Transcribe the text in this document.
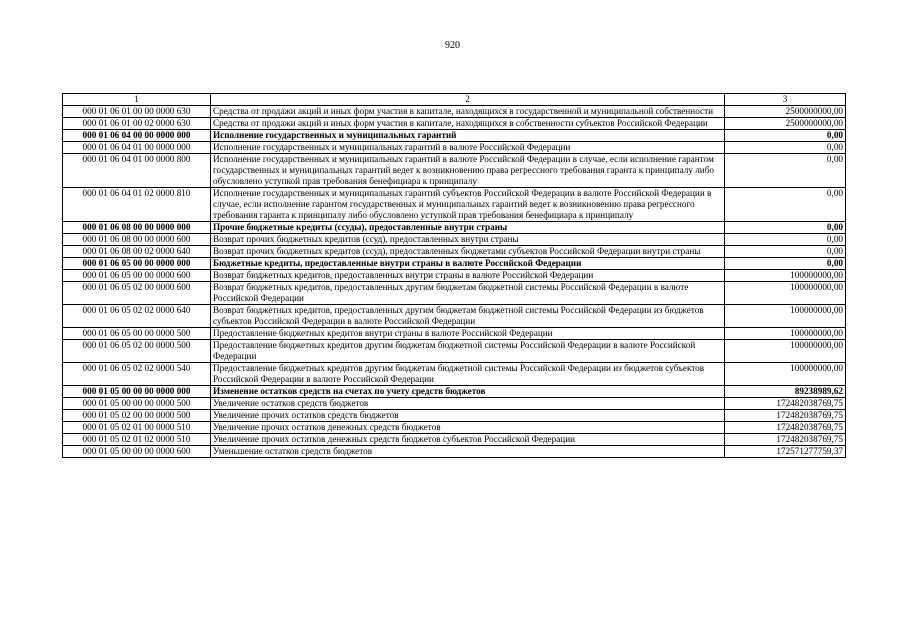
920
1	2	3
000 01 06 01 00 00 0000 630	Средства от продажи акций и иных форм участия в капитале, находящихся в государственной и муниципальной собственности	2500000000,00
000 01 06 01 00 02 0000 630	Средства от продажи акций и иных форм участия в капитале, находящихся в собственности субъектов Российской Федерации	2500000000,00
000 01 06 04 00 00 0000 000	Исполнение государственных и муниципальных гарантий	0,00
000 01 06 04 01 00 0000 000	Исполнение государственных и муниципальных гарантий в валюте Российской Федерации	0,00
000 01 06 04 01 00 0000 800	Исполнение государственных и муниципальных гарантий в валюте Российской Федерации в случае, если исполнение гарантом государственных и муниципальных гарантий ведет к возникновению права регрессного требования гаранта к принципалу либо обусловлено уступкой прав требования бенефициара к принципалу	0,00
000 01 06 04 01 02 0000 810	Исполнение государственных и муниципальных гарантий субъектов Российской Федерации в валюте Российской Федерации в случае, если исполнение гарантом государственных и муниципальных гарантий ведет к возникновению права регрессного требования гаранта к принципалу либо обусловлено уступкой прав требования бенефициара к принципалу	0,00
000 01 06 08 00 00 0000 000	Прочие бюджетные кредиты (ссуды), предоставленные внутри страны	0,00
000 01 06 08 00 00 0000 600	Возврат прочих бюджетных кредитов (ссуд), предоставленных внутри страны	0,00
000 01 06 08 00 02 0000 640	Возврат прочих бюджетных кредитов (ссуд), предоставленных бюджетами субъектов Российской Федерации внутри страны	0,00
000 01 06 05 00 00 0000 000	Бюджетные кредиты, предоставленные внутри страны в валюте Российской Федерации	0,00
000 01 06 05 00 00 0000 600	Возврат бюджетных кредитов, предоставленных внутри страны в валюте Российской Федерации	100000000,00
000 01 06 05 02 00 0000 600	Возврат бюджетных кредитов, предоставленных другим бюджетам бюджетной системы Российской Федерации в валюте Российской Федерации	100000000,00
000 01 06 05 02 02 0000 640	Возврат бюджетных кредитов, предоставленных другим бюджетам бюджетной системы Российской Федерации из бюджетов субъектов Российской Федерации в валюте Российской Федерации	100000000,00
000 01 06 05 00 00 0000 500	Предоставление бюджетных кредитов внутри страны в валюте Российской Федерации	100000000,00
000 01 06 05 02 00 0000 500	Предоставление бюджетных кредитов другим бюджетам бюджетной системы Российской Федерации в валюте Российской Федерации	100000000,00
000 01 06 05 02 02 0000 540	Предоставление бюджетных кредитов другим бюджетам бюджетной системы Российской Федерации из бюджетов субъектов Российской Федерации в валюте Российской Федерации	100000000,00
000 01 05 00 00 00 0000 000	Изменение остатков средств на счетах по учету средств бюджетов	89238989,62
000 01 05 00 00 00 0000 500	Увеличение остатков средств бюджетов	172482038769,75
000 01 05 02 00 00 0000 500	Увеличение прочих остатков средств бюджетов	172482038769,75
000 01 05 02 01 00 0000 510	Увеличение прочих остатков денежных средств бюджетов	172482038769,75
000 01 05 02 01 02 0000 510	Увеличение прочих остатков денежных средств бюджетов субъектов Российской Федерации	172482038769,75
000 01 05 00 00 00 0000 600	Уменьшение остатков средств бюджетов	172571277759,37
